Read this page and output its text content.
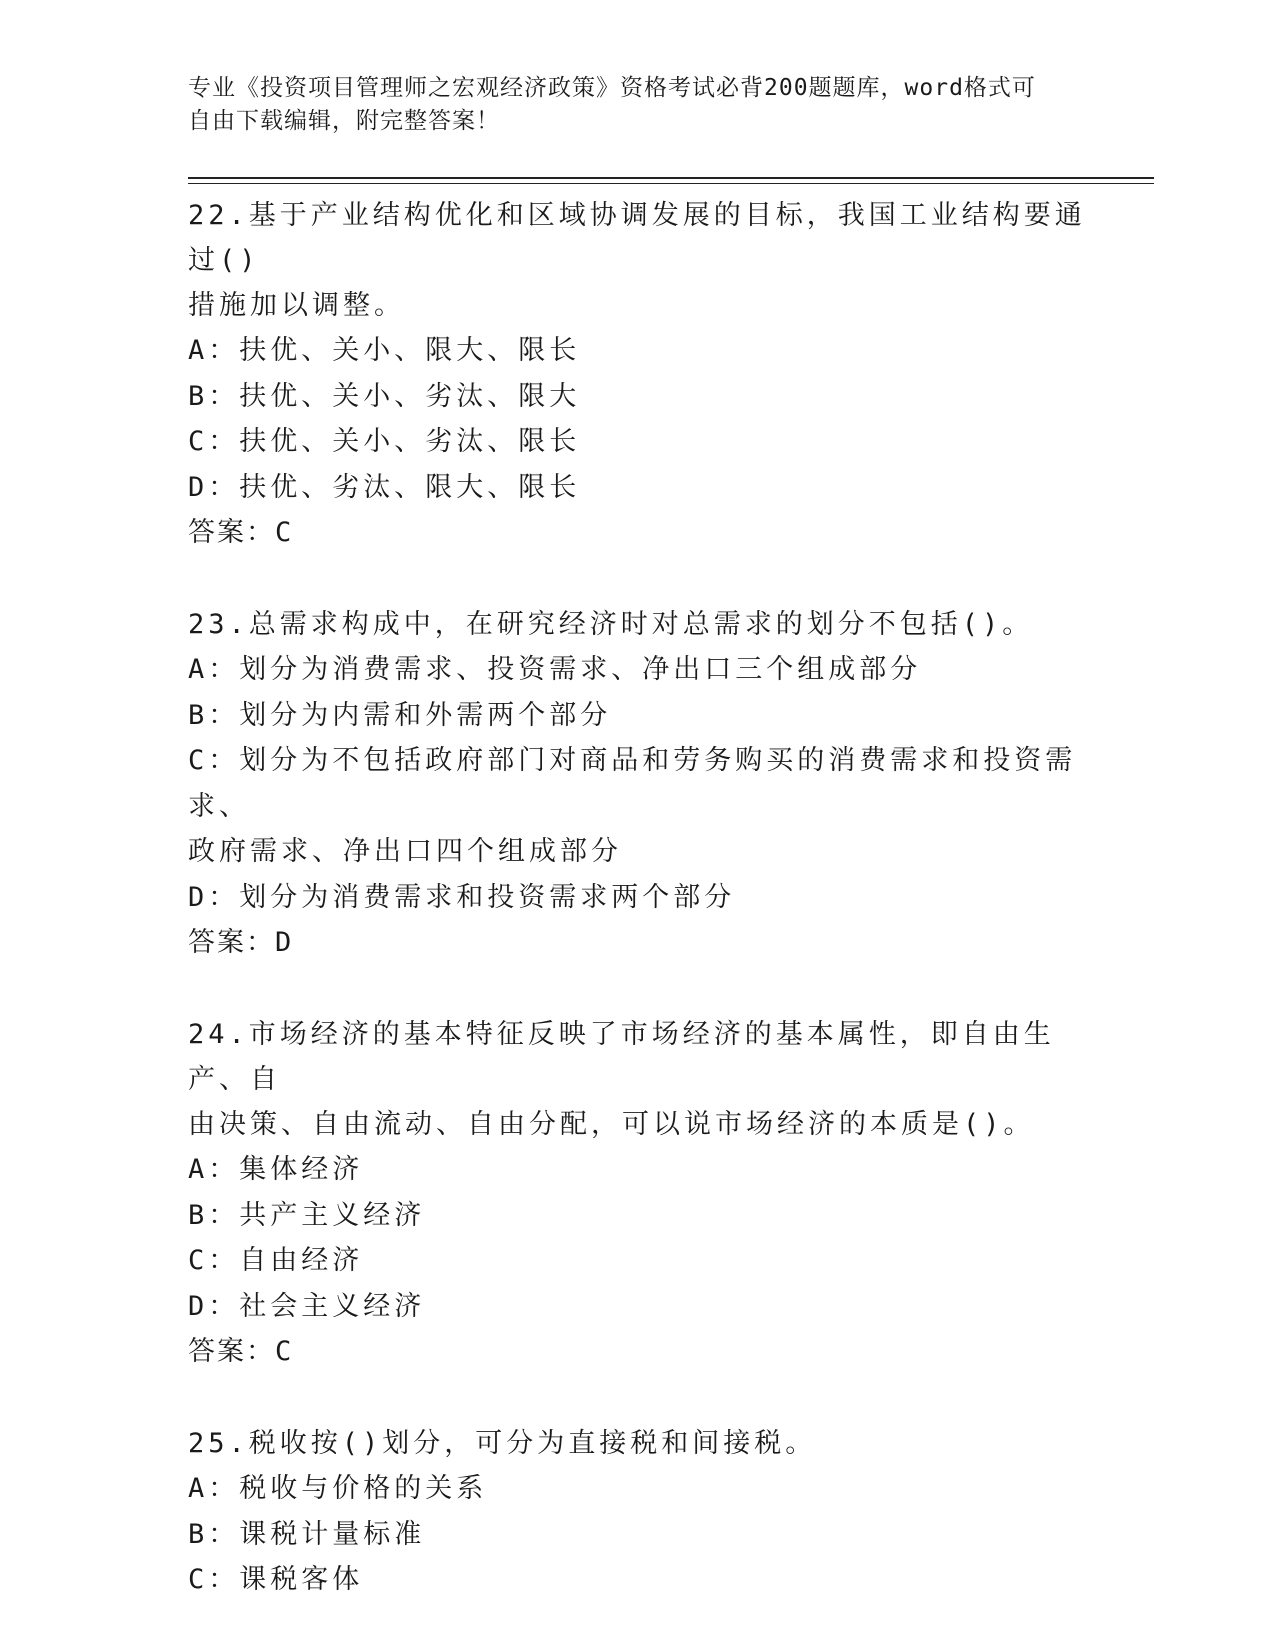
专业《投资项目管理师之宏观经济政策》资格考试必背200题题库，word格式可
自由下载编辑，附完整答案！

22.基于产业结构优化和区域协调发展的目标，我国工业结构要通过()

措施加以调整。

A：扶优、关小、限大、限长

B：扶优、关小、劣汰、限大

C：扶优、关小、劣汰、限长

D：扶优、劣汰、限大、限长

答案：C

23.总需求构成中，在研究经济时对总需求的划分不包括()。

A：划分为消费需求、投资需求、净出口三个组成部分

B：划分为内需和外需两个部分

C：划分为不包括政府部门对商品和劳务购买的消费需求和投资需求、

政府需求、净出口四个组成部分

D：划分为消费需求和投资需求两个部分

答案：D

24.市场经济的基本特征反映了市场经济的基本属性，即自由生产、自

由决策、自由流动、自由分配，可以说市场经济的本质是()。

A：集体经济

B：共产主义经济

C：自由经济

D：社会主义经济

答案：C

25.税收按()划分，可分为直接税和间接税。

A：税收与价格的关系

B：课税计量标准

C：课税客体
